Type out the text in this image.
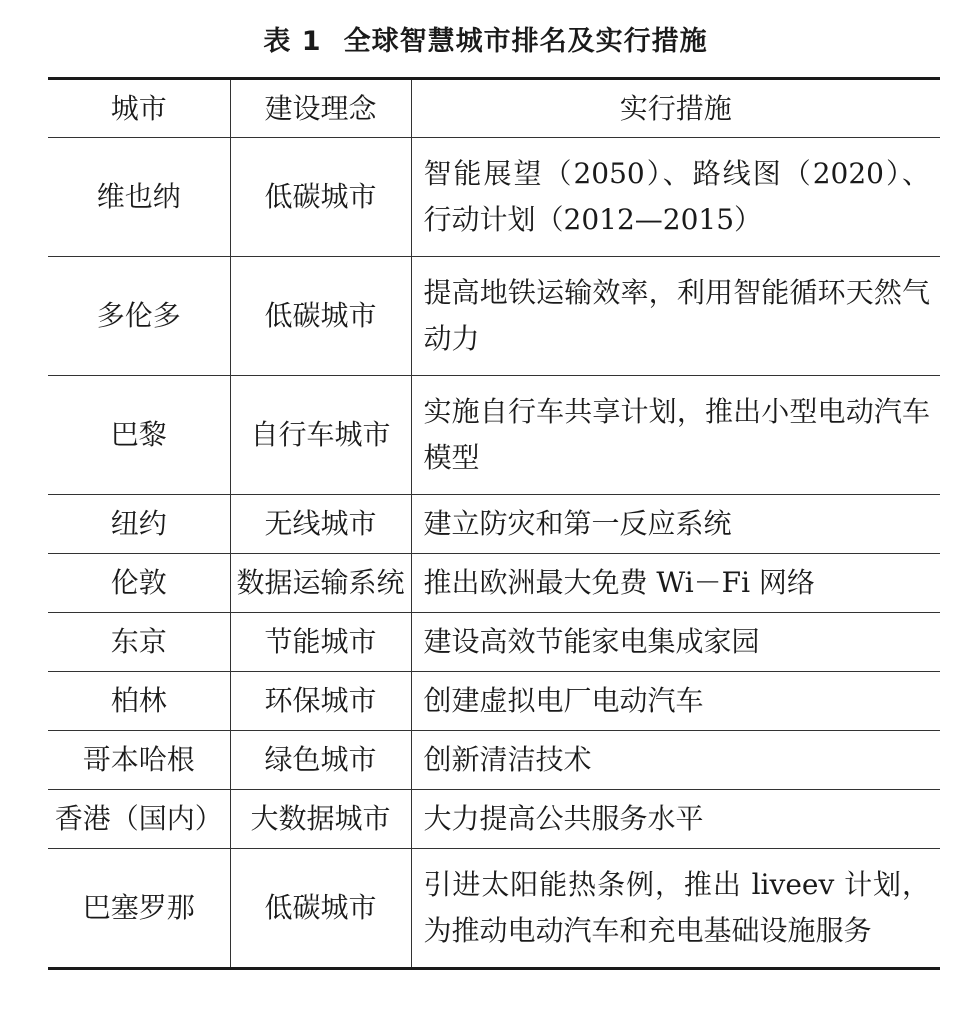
表 1 全球智慧城市排名及实行措施
城市	建设理念	实行措施
维也纳	低碳城市	智能展望（2050）、路线图（2020）、行动计划（2012—2015）
多伦多	低碳城市	提高地铁运输效率，利用智能循环天然气动力
巴黎	自行车城市	实施自行车共享计划，推出小型电动汽车模型
纽约	无线城市	建立防灾和第一反应系统
伦敦	数据运输系统	推出欧洲最大免费 Wi－Fi 网络
东京	节能城市	建设高效节能家电集成家园
柏林	环保城市	创建虚拟电厂电动汽车
哥本哈根	绿色城市	创新清洁技术
香港（国内）	大数据城市	大力提高公共服务水平
巴塞罗那	低碳城市	引进太阳能热条例，推出 liveev 计划，为推动电动汽车和充电基础设施服务
